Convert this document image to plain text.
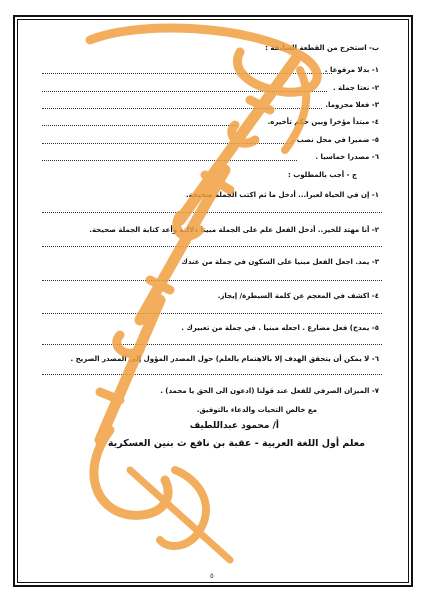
ب- استخرج من القطعة السابقة :
١- بدلا مرفوعا .
٢- نعتا جملة .
٣- فعلا مجزوما.
٤- مبتدأ مؤخرا وبين حكم تأخيره.
٥- ضميرا في محل نصب .
٦- مصدرا خماسيا .
ج - أجب بالمطلوب :
١- إن في الحياة لعبرا... أدخل ما ثم اكتب الجملة صحيحة.
٢- أنا مهتد للخير.. أدخل الفعل علم على الجملة مبينا دلالته وأعد كتابة الجملة صحيحة.
٣- يمد. اجعل الفعل مبنيا على السكون في جملة من عندك
٤- اكشف في المعجم عن كلمة السيطرة/ إيجاز.
٥- يمدح) فعل مضارع . اجعله مبنيا . في جملة من تعبيرك .
٦- لا يمكن أن يتحقق الهدف إلا بالاهتمام بالعلم) حول المصدر المؤول إلى المصدر الصريح .
٧- الميزان الصرفي للفعل عند قولنا (ادعون الى الحق يا محمد) .
مع خالص التحيات والدعاء بالتوفيق.
أ/ محمود عبداللطيف
معلم أول اللغة العربية - عقبة بن نافع ث بنين العسكرية
٥
